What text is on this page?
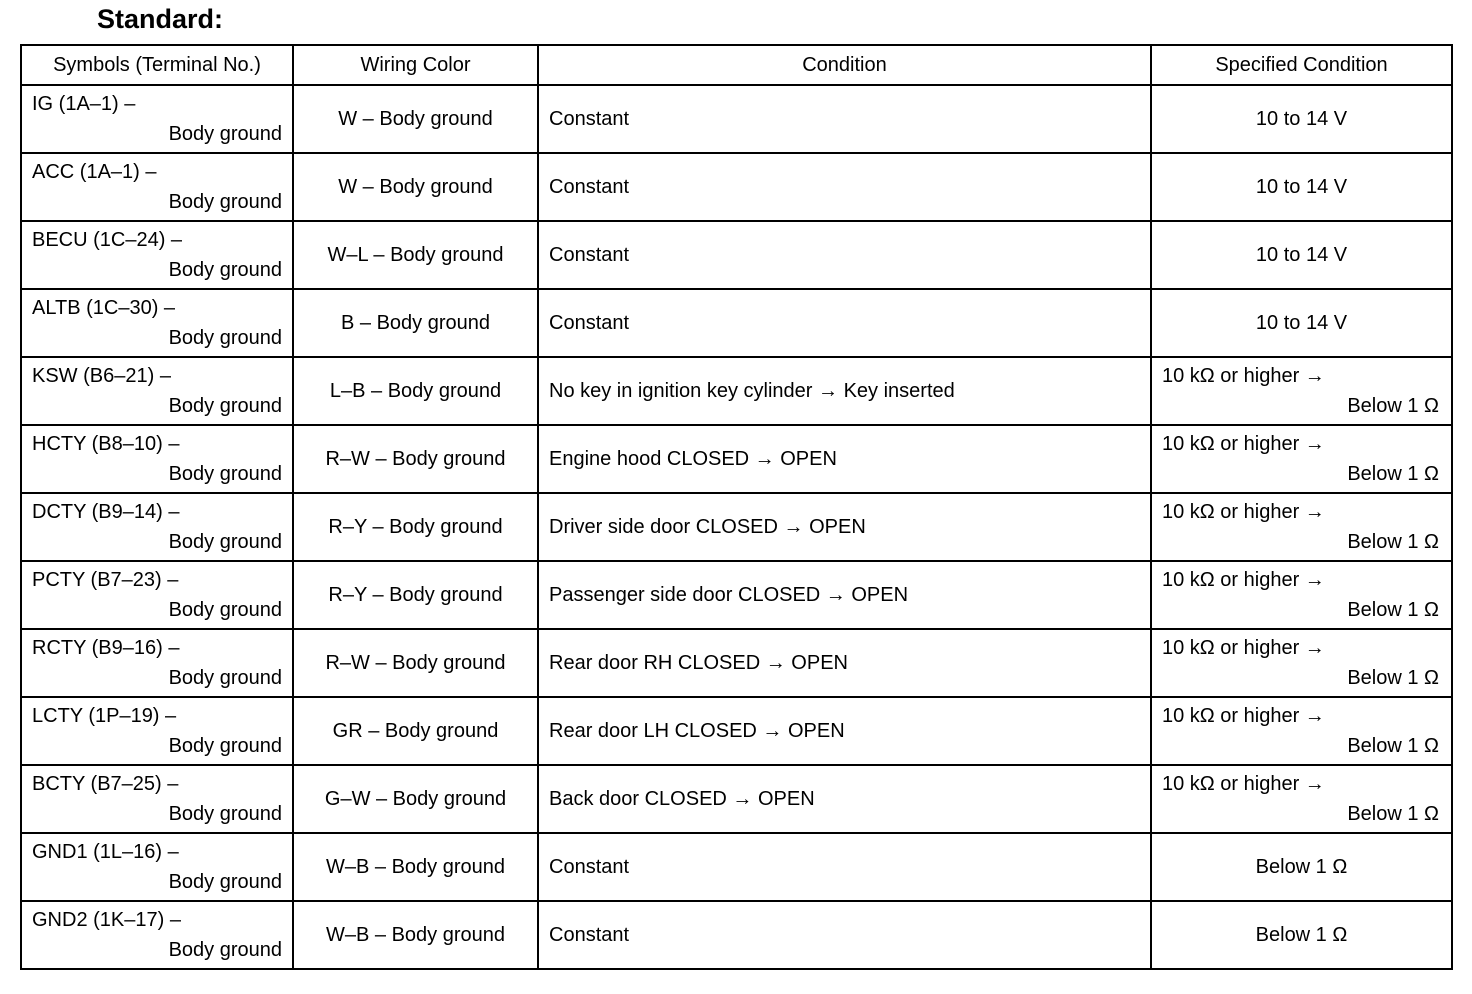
Standard:
Symbols (Terminal No.)	Wiring Color	Condition	Specified Condition

IG (1A–1) –
Body ground	W – Body ground	Constant	10 to 14 V

ACC (1A–1) –
Body ground	W – Body ground	Constant	10 to 14 V

BECU (1C–24) –
Body ground	W–L – Body ground	Constant	10 to 14 V

ALTB (1C–30) –
Body ground	B – Body ground	Constant	10 to 14 V

KSW (B6–21) –
Body ground	L–B – Body ground	No key in ignition key cylinder → Key inserted	10 kΩ or higher →
Below 1 Ω

HCTY (B8–10) –
Body ground	R–W – Body ground	Engine hood CLOSED → OPEN	10 kΩ or higher →
Below 1 Ω

DCTY (B9–14) –
Body ground	R–Y – Body ground	Driver side door CLOSED → OPEN	10 kΩ or higher →
Below 1 Ω

PCTY (B7–23) –
Body ground	R–Y – Body ground	Passenger side door CLOSED → OPEN	10 kΩ or higher →
Below 1 Ω

RCTY (B9–16) –
Body ground	R–W – Body ground	Rear door RH CLOSED → OPEN	10 kΩ or higher →
Below 1 Ω

LCTY (1P–19) –
Body ground	GR – Body ground	Rear door LH CLOSED → OPEN	10 kΩ or higher →
Below 1 Ω

BCTY (B7–25) –
Body ground	G–W – Body ground	Back door CLOSED → OPEN	10 kΩ or higher →
Below 1 Ω

GND1 (1L–16) –
Body ground	W–B – Body ground	Constant	Below 1 Ω

GND2 (1K–17) –
Body ground	W–B – Body ground	Constant	Below 1 Ω
